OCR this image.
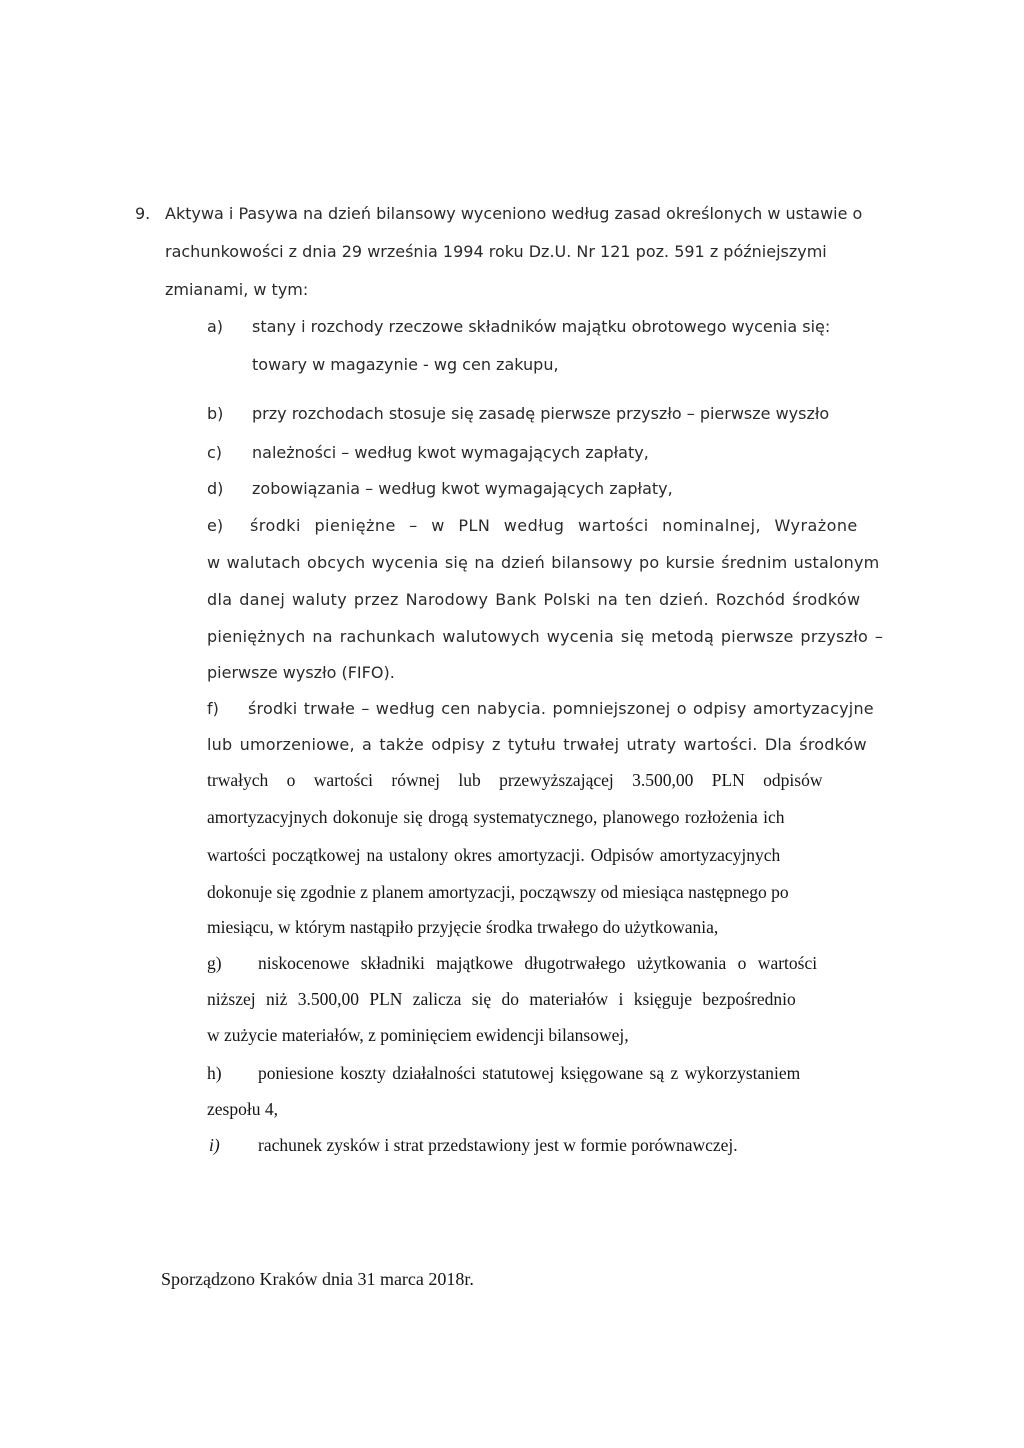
9. Aktywa i Pasywa na dzień bilansowy wyceniono według zasad określonych w ustawie o
rachunkowości z dnia 29 września 1994 roku Dz.U. Nr 121 poz. 591 z późniejszymi
zmianami, w tym:
a) stany i rozchody rzeczowe składników majątku obrotowego wycenia się:
towary w magazynie - wg cen zakupu,
b) przy rozchodach stosuje się zasadę pierwsze przyszło – pierwsze wyszło
c) należności – według kwot wymagających zapłaty,
d) zobowiązania – według kwot wymagających zapłaty,
e) środki pieniężne – w PLN według wartości nominalnej, Wyrażone
w walutach obcych wycenia się na dzień bilansowy po kursie średnim ustalonym
dla danej waluty przez Narodowy Bank Polski na ten dzień. Rozchód środków
pieniężnych na rachunkach walutowych wycenia się metodą pierwsze przyszło –
pierwsze wyszło (FIFO).
f) środki trwałe – według cen nabycia. pomniejszonej o odpisy amortyzacyjne
lub umorzeniowe, a także odpisy z tytułu trwałej utraty wartości. Dla środków
trwałych o wartości równej lub przewyższającej 3.500,00 PLN odpisów
amortyzacyjnych dokonuje się drogą systematycznego, planowego rozłożenia ich
wartości początkowej na ustalony okres amortyzacji. Odpisów amortyzacyjnych
dokonuje się zgodnie z planem amortyzacji, począwszy od miesiąca następnego po
miesiącu, w którym nastąpiło przyjęcie środka trwałego do użytkowania,
g) niskocenowe składniki majątkowe długotrwałego użytkowania o wartości
niższej niż 3.500,00 PLN zalicza się do materiałów i księguje bezpośrednio
w zużycie materiałów, z pominięciem ewidencji bilansowej,
h) poniesione koszty działalności statutowej księgowane są z wykorzystaniem
zespołu 4,
i) rachunek zysków i strat przedstawiony jest w formie porównawczej.
Sporządzono Kraków dnia 31 marca 2018r.
